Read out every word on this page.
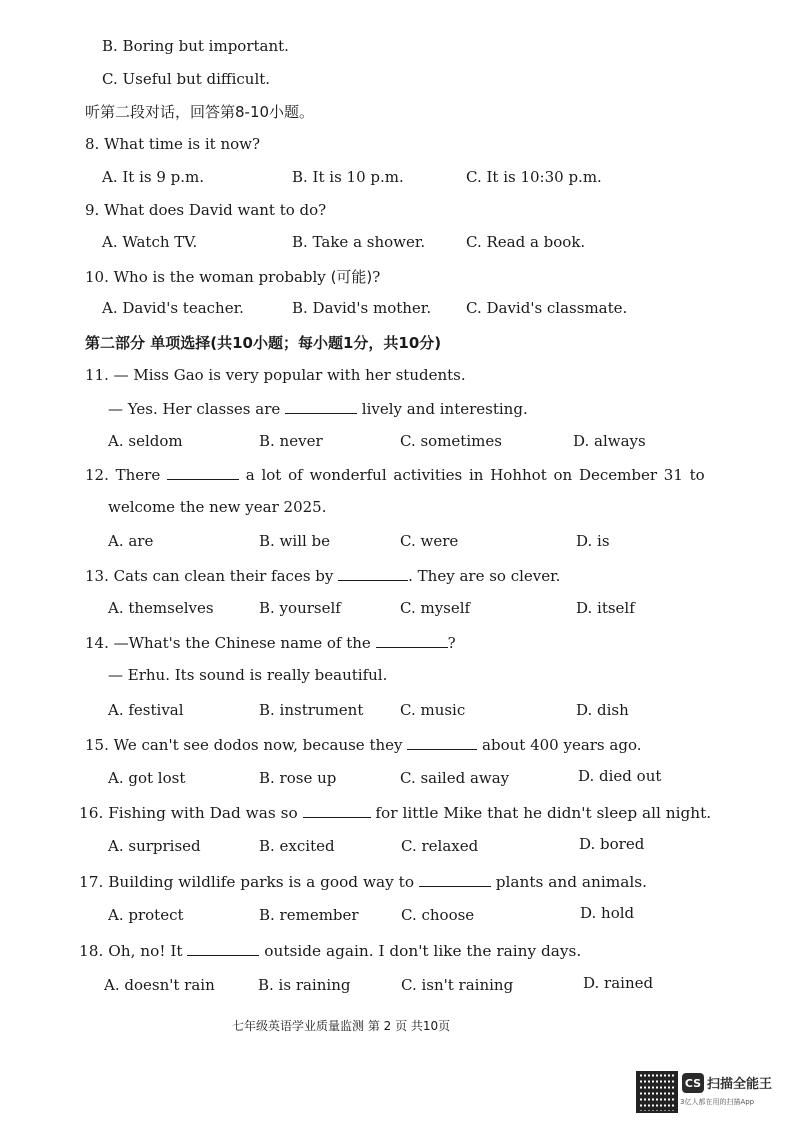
B. Boring but important.
C. Useful but difficult.
听第二段对话，回答第8-10小题。
8. What time is it now?
A. It is 9 p.m.	B. It is 10 p.m.	C. It is 10:30 p.m.
9. What does David want to do?
A. Watch TV.	B. Take a shower.	C. Read a book.
10. Who is the woman probably (可能)?
A. David's teacher.	B. David's mother. C. David's classmate.
第二部分 单项选择(共10小题；每小题1分，共10分)
11. — Miss Gao is very popular with her students.
— Yes. Her classes are	lively and interesting.
A. seldom	B. never	C. sometimes	D. always
12. There	a lot of wonderful activities in Hohhot on December 31 to
welcome the new year 2025.
A. are	B. will be	C. were	D. is
13. Cats can clean their faces by	. They are so clever.
A. themselves	B. yourself	C. myself	D. itself
14. —What's the Chinese name of the	?
— Erhu. Its sound is really beautiful.
A. festival	B. instrument C. music	D. dish
15. We can't see dodos now, because they	about 400 years ago.
A. got lost	B. rose up	C. sailed away	D. died out
16. Fishing with Dad was so	for little Mike that he didn't sleep all night.
A. surprised	B. excited	C. relaxed	D. bored
17. Building wildlife parks is a good way to	plants and animals.
A. protect	B. remember	C. choose	D. hold
18. Oh, no! It	outside again. I don't like the rainy days.
A. doesn't rain	B. is raining	C. isn't raining	D. rained
七年级英语学业质量监测 第 2 页 共10页
CS 扫描全能王
3亿人都在用的扫描App
